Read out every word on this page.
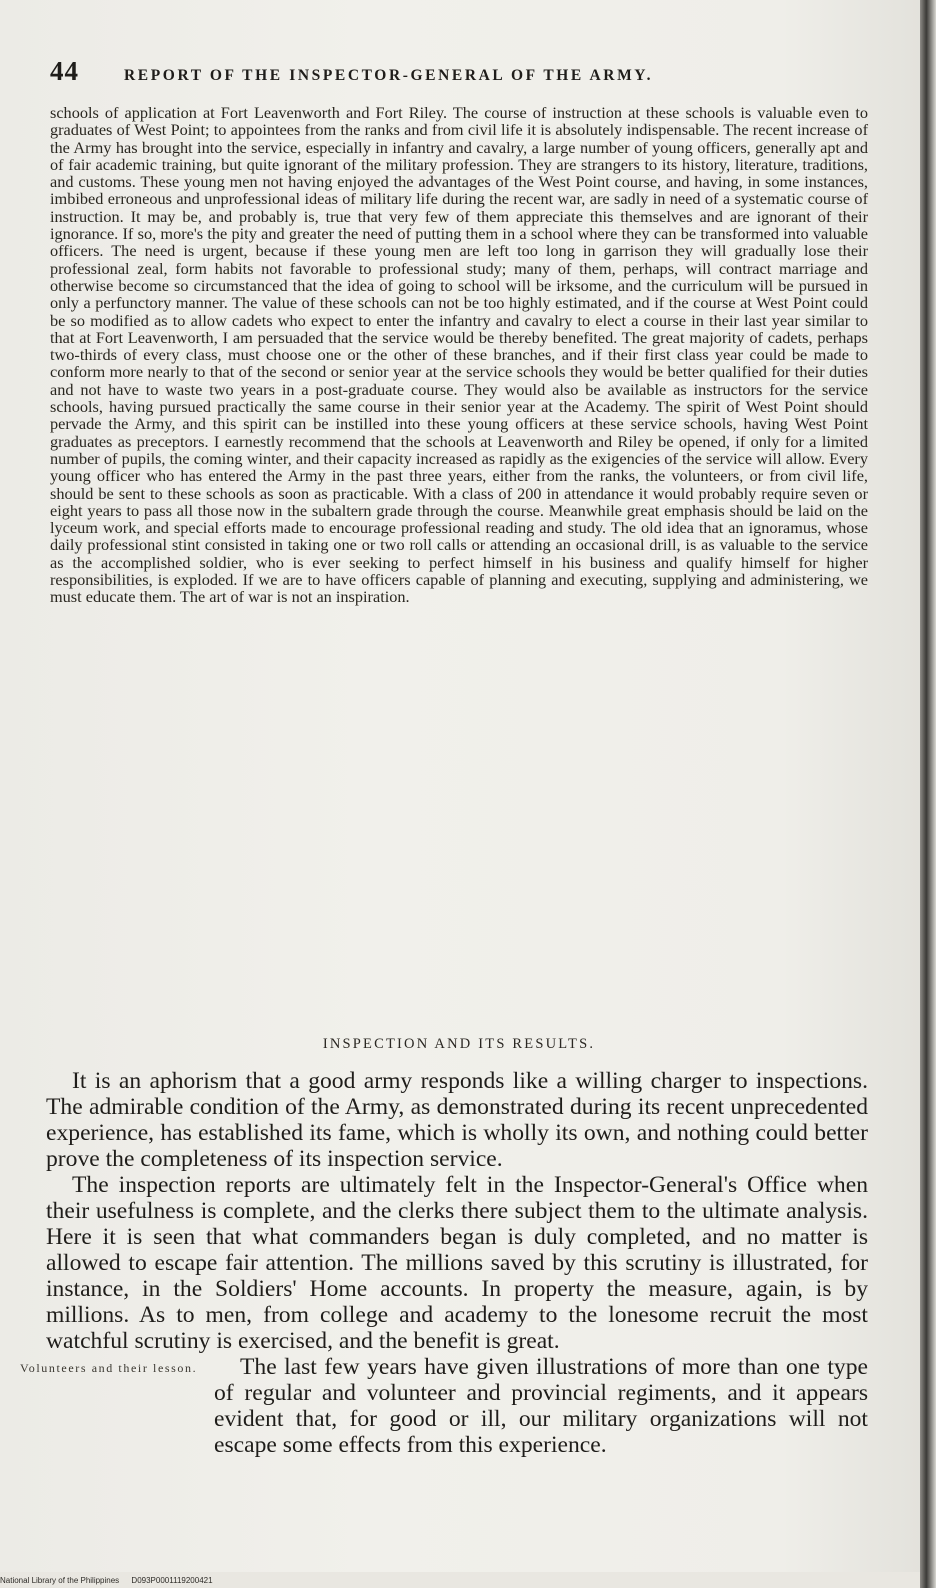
44	REPORT OF THE INSPECTOR-GENERAL OF THE ARMY.

schools of application at Fort Leavenworth and Fort Riley. The course of instruction at these schools is valuable even to graduates of West Point; to appointees from the ranks and from civil life it is absolutely indispensable. The recent increase of the Army has brought into the service, especially in infantry and cavalry, a large number of young officers, generally apt and of fair academic training, but quite ignorant of the military profession. They are strangers to its history, literature, traditions, and customs. These young men not having enjoyed the advantages of the West Point course, and having, in some instances, imbibed erroneous and unprofessional ideas of military life during the recent war, are sadly in need of a systematic course of instruction. It may be, and probably is, true that very few of them appreciate this themselves and are ignorant of their ignorance. If so, more's the pity and greater the need of putting them in a school where they can be transformed into valuable officers. The need is urgent, because if these young men are left too long in garrison they will gradually lose their professional zeal, form habits not favorable to professional study; many of them, perhaps, will contract marriage and otherwise become so circumstanced that the idea of going to school will be irksome, and the curriculum will be pursued in only a perfunctory manner. The value of these schools can not be too highly estimated, and if the course at West Point could be so modified as to allow cadets who expect to enter the infantry and cavalry to elect a course in their last year similar to that at Fort Leavenworth, I am persuaded that the service would be thereby benefited. The great majority of cadets, perhaps two-thirds of every class, must choose one or the other of these branches, and if their first class year could be made to conform more nearly to that of the second or senior year at the service schools they would be better qualified for their duties and not have to waste two years in a post-graduate course. They would also be available as instructors for the service schools, having pursued practically the same course in their senior year at the Academy. The spirit of West Point should pervade the Army, and this spirit can be instilled into these young officers at these service schools, having West Point graduates as preceptors. I earnestly recommend that the schools at Leavenworth and Riley be opened, if only for a limited number of pupils, the coming winter, and their capacity increased as rapidly as the exigencies of the service will allow. Every young officer who has entered the Army in the past three years, either from the ranks, the volunteers, or from civil life, should be sent to these schools as soon as practicable. With a class of 200 in attendance it would probably require seven or eight years to pass all those now in the subaltern grade through the course. Meanwhile great emphasis should be laid on the lyceum work, and special efforts made to encourage professional reading and study. The old idea that an ignoramus, whose daily professional stint consisted in taking one or two roll calls or attending an occasional drill, is as valuable to the service as the accomplished soldier, who is ever seeking to perfect himself in his business and qualify himself for higher responsibilities, is exploded. If we are to have officers capable of planning and executing, supplying and administering, we must educate them. The art of war is not an inspiration.

INSPECTION AND ITS RESULTS.

It is an aphorism that a good army responds like a willing charger to inspections. The admirable condition of the Army, as demonstrated during its recent unprecedented experience, has established its fame, which is wholly its own, and nothing could better prove the completeness of its inspection service.

The inspection reports are ultimately felt in the Inspector-General's Office when their usefulness is complete, and the clerks there subject them to the ultimate analysis. Here it is seen that what commanders began is duly completed, and no matter is allowed to escape fair attention. The millions saved by this scrutiny is illustrated, for instance, in the Soldiers' Home accounts. In property the measure, again, is by millions. As to men, from college and academy to the lonesome recruit the most watchful scrutiny is exercised, and the benefit is great.

Volunteers and their lesson.	The last few years have given illustrations of more than one type of regular and volunteer and provincial regiments, and it appears evident that, for good or ill, our military organizations will not escape some effects from this experience.

National Library of the Philippines D093P0001119200421
